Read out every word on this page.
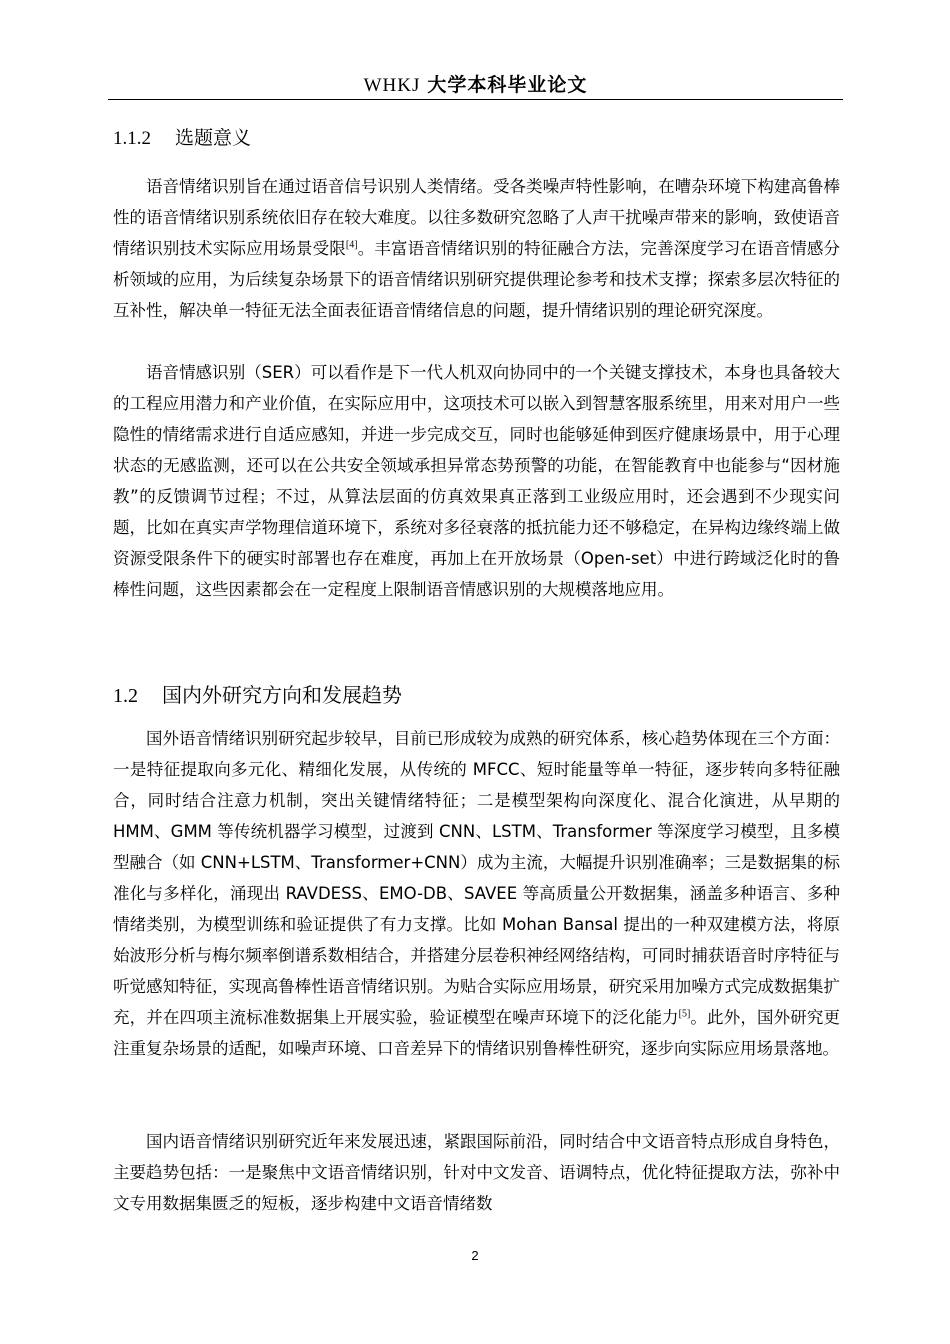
WHKJ 大学本科毕业论文
1.1.2 选题意义

语音情绪识别旨在通过语音信号识别人类情绪。受各类噪声特性影响，在嘈杂环境下构建高鲁棒性的语音情绪识别系统依旧存在较大难度。以往多数研究忽略了人声干扰噪声带来的影响，致使语音情绪识别技术实际应用场景受限[4]。丰富语音情绪识别的特征融合方法，完善深度学习在语音情感分析领域的应用，为后续复杂场景下的语音情绪识别研究提供理论参考和技术支撑；探索多层次特征的互补性，解决单一特征无法全面表征语音情绪信息的问题，提升情绪识别的理论研究深度。

语音情感识别（SER）可以看作是下一代人机双向协同中的一个关键支撑技术，本身也具备较大的工程应用潜力和产业价值，在实际应用中，这项技术可以嵌入到智慧客服系统里，用来对用户一些隐性的情绪需求进行自适应感知，并进一步完成交互，同时也能够延伸到医疗健康场景中，用于心理状态的无感监测，还可以在公共安全领域承担异常态势预警的功能，在智能教育中也能参与“因材施教”的反馈调节过程；不过，从算法层面的仿真效果真正落到工业级应用时，还会遇到不少现实问题，比如在真实声学物理信道环境下，系统对多径衰落的抵抗能力还不够稳定，在异构边缘终端上做资源受限条件下的硬实时部署也存在难度，再加上在开放场景（Open-set）中进行跨域泛化时的鲁棒性问题，这些因素都会在一定程度上限制语音情感识别的大规模落地应用。

1.2 国内外研究方向和发展趋势

国外语音情绪识别研究起步较早，目前已形成较为成熟的研究体系，核心趋势体现在三个方面：一是特征提取向多元化、精细化发展，从传统的 MFCC、短时能量等单一特征，逐步转向多特征融合，同时结合注意力机制，突出关键情绪特征；二是模型架构向深度化、混合化演进，从早期的 HMM、GMM 等传统机器学习模型，过渡到 CNN、LSTM、Transformer 等深度学习模型，且多模型融合（如 CNN+LSTM、Transformer+CNN）成为主流，大幅提升识别准确率；三是数据集的标准化与多样化，涌现出 RAVDESS、EMO-DB、SAVEE 等高质量公开数据集，涵盖多种语言、多种情绪类别，为模型训练和验证提供了有力支撑。比如 Mohan Bansal 提出的一种双建模方法，将原始波形分析与梅尔频率倒谱系数相结合，并搭建分层卷积神经网络结构，可同时捕获语音时序特征与听觉感知特征，实现高鲁棒性语音情绪识别。为贴合实际应用场景，研究采用加噪方式完成数据集扩充，并在四项主流标准数据集上开展实验，验证模型在噪声环境下的泛化能力[5]。此外，国外研究更注重复杂场景的适配，如噪声环境、口音差异下的情绪识别鲁棒性研究，逐步向实际应用场景落地。

国内语音情绪识别研究近年来发展迅速，紧跟国际前沿，同时结合中文语音特点形成自身特色，主要趋势包括：一是聚焦中文语音情绪识别，针对中文发音、语调特点，优化特征提取方法，弥补中文专用数据集匮乏的短板，逐步构建中文语音情绪数

2
